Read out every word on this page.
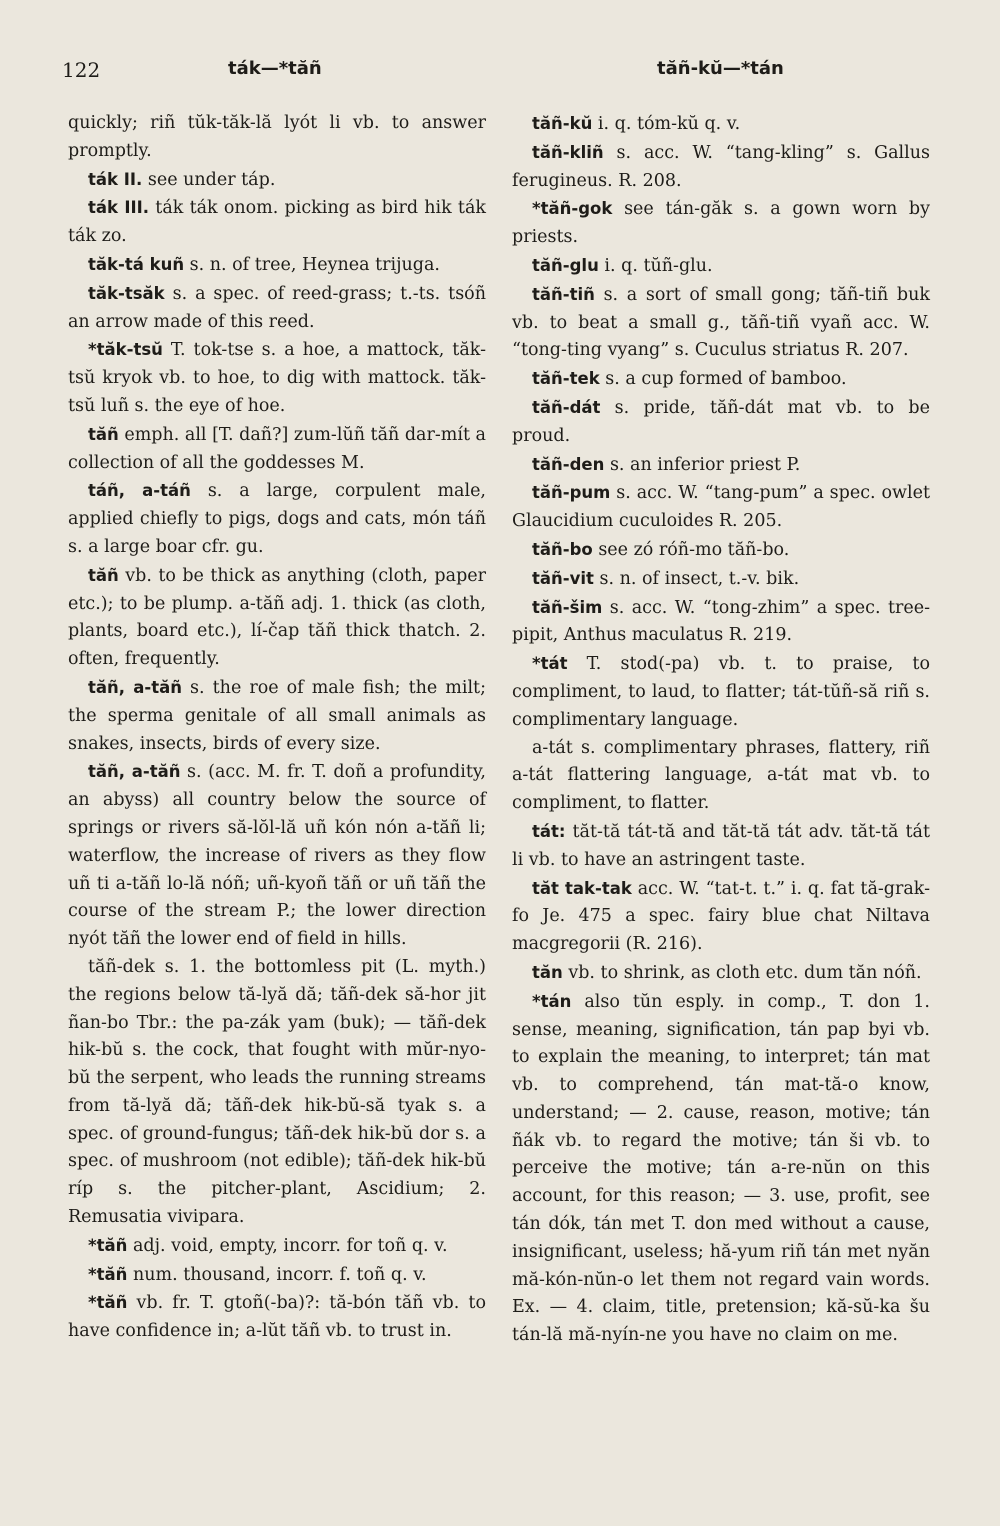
122	ták—*tăñ	tăñ-kŭ—*tán

quickly; riñ tŭk-tăk-lă lyót li vb. to answer promptly.

ták II. see under táp.

ták III. ták ták onom. picking as bird hik ták ták zo.

tăk-tá kuñ s. n. of tree, Heynea trijuga.

tăk-tsăk s. a spec. of reed-grass; t.-ts. tsóñ an arrow made of this reed.

*tăk-tsŭ T. tok-tse s. a hoe, a mattock, tăk-tsŭ kryok vb. to hoe, to dig with mattock. tăk-tsŭ luñ s. the eye of hoe.

tăñ emph. all [T. dañ?] zum-lŭñ tăñ dar-mít a collection of all the goddesses M.

táñ, a-táñ s. a large, corpulent male, applied chiefly to pigs, dogs and cats, món táñ s. a large boar cfr. gu.

tăñ vb. to be thick as anything (cloth, paper etc.); to be plump. a-tăñ adj. 1. thick (as cloth, plants, board etc.), lí-čap tăñ thick thatch. 2. often, frequently.

tăñ, a-tăñ s. the roe of male fish; the milt; the sperma genitale of all small animals as snakes, insects, birds of every size.

tăñ, a-tăñ s. (acc. M. fr. T. doñ a profundity, an abyss) all country below the source of springs or rivers să-lŏl-lă uñ kón nón a-tăñ li; waterflow, the increase of rivers as they flow uñ ti a-tăñ lo-lă nóñ; uñ-kyoñ tăñ or uñ tăñ the course of the stream P.; the lower direction nyót tăñ the lower end of field in hills.

tăñ-dek s. 1. the bottomless pit (L. myth.) the regions below tă-lyă dă; tăñ-dek să-hor jit ñan-bo Tbr.: the pa-zák yam (buk); — tăñ-dek hik-bŭ s. the cock, that fought with mŭr-nyo-bŭ the serpent, who leads the running streams from tă-lyă dă; tăñ-dek hik-bŭ-să tyak s. a spec. of ground-fungus; tăñ-dek hik-bŭ dor s. a spec. of mushroom (not edible); tăñ-dek hik-bŭ ríp s. the pitcher-plant, Ascidium; 2. Remusatia vivipara.

*tăñ adj. void, empty, incorr. for toñ q. v.

*tăñ num. thousand, incorr. f. toñ q. v.

*tăñ vb. fr. T. gtoñ(-ba)?: tă-bón tăñ vb. to have confidence in; a-lŭt tăñ vb. to trust in.

tăñ-kŭ i. q. tóm-kŭ q. v.

tăñ-kliñ s. acc. W. “tang-kling” s. Gallus ferugineus. R. 208.

*tăñ-gok see tán-găk s. a gown worn by priests.

tăñ-glu i. q. tŭñ-glu.

tăñ-tiñ s. a sort of small gong; tăñ-tiñ buk vb. to beat a small g., tăñ-tiñ vyañ acc. W. “tong-ting vyang” s. Cuculus striatus R. 207.

tăñ-tek s. a cup formed of bamboo.

tăñ-dát s. pride, tăñ-dát mat vb. to be proud.

tăñ-den s. an inferior priest P.

tăñ-pum s. acc. W. “tang-pum” a spec. owlet Glaucidium cuculoides R. 205.

tăñ-bo see zó róñ-mo tăñ-bo.

tăñ-vit s. n. of insect, t.-v. bik.

tăñ-šim s. acc. W. “tong-zhim” a spec. tree-pipit, Anthus maculatus R. 219.

*tát T. stod(-pa) vb. t. to praise, to compliment, to laud, to flatter; tát-tŭñ-să riñ s. complimentary language.

a-tát s. complimentary phrases, flattery, riñ a-tát flattering language, a-tát mat vb. to compliment, to flatter.

tát: tăt-tă tát-tă and tăt-tă tát adv. tăt-tă tát li vb. to have an astringent taste.

tăt tak-tak acc. W. “tat-t. t.” i. q. fat tă-grak-fo Je. 475 a spec. fairy blue chat Niltava macgregorii (R. 216).

tăn vb. to shrink, as cloth etc. dum tăn nóñ.

*tán also tŭn esply. in comp., T. don 1. sense, meaning, signification, tán pap byi vb. to explain the meaning, to interpret; tán mat vb. to comprehend, tán mat-tă-o know, understand; — 2. cause, reason, motive; tán ñák vb. to regard the motive; tán ši vb. to perceive the motive; tán a-re-nŭn on this account, for this reason; — 3. use, profit, see tán dók, tán met T. don med without a cause, insignificant, useless; hă-yum riñ tán met nyăn mă-kón-nŭn-o let them not regard vain words. Ex. — 4. claim, title, pretension; kă-sŭ-ka šu tán-lă mă-nyín-ne you have no claim on me.
